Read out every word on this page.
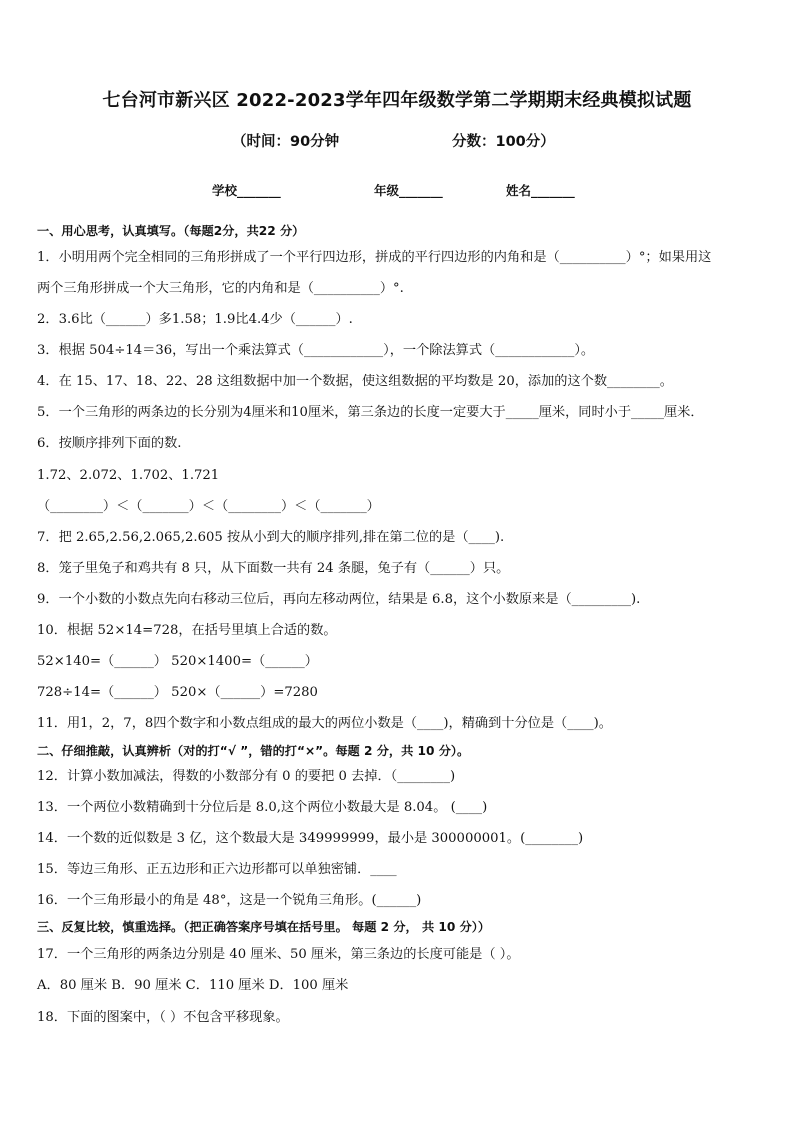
七台河市新兴区 2022-2023学年四年级数学第二学期期末经典模拟试题
（时间：90分钟	分数：100分）
学校_______	年级_______	姓名_______
一、用心思考，认真填写。（每题2分，共22 分）
1．小明用两个完全相同的三角形拼成了一个平行四边形，拼成的平行四边形的内角和是（__________）°；如果用这
两个三角形拼成一个大三角形，它的内角和是（__________）°.
2．3.6比（______）多1.58；1.9比4.4少（______）.
3．根据 504÷14＝36，写出一个乘法算式（____________），一个除法算式（____________）。
4．在 15、17、18、22、28 这组数据中加一个数据，使这组数据的平均数是 20，添加的这个数________。
5．一个三角形的两条边的长分别为4厘米和10厘米，第三条边的长度一定要大于_____厘米，同时小于_____厘米．
6．按顺序排列下面的数.
1.72、2.072、1.702、1.721
（________）＜（_______）＜（________）＜（_______）
7．把 2.65,2.56,2.065,2.605 按从小到大的顺序排列,排在第二位的是（____).
8．笼子里兔子和鸡共有 8 只，从下面数一共有 24 条腿，兔子有（______）只。
9．一个小数的小数点先向右移动三位后，再向左移动两位，结果是 6.8，这个小数原来是（_________).
10．根据 52×14=728，在括号里填上合适的数。
52×140=（______） 520×1400=（______）
728÷14=（______） 520×（______）=7280
11．用1，2，7，8四个数字和小数点组成的最大的两位小数是（____)，精确到十分位是（____)。
二、仔细推敲，认真辨析（对的打“√ ”，错的打“×”。每题 2 分，共 10 分）。
12．计算小数加减法，得数的小数部分有 0 的要把 0 去掉．（________)
13．一个两位小数精确到十分位后是 8.0,这个两位小数最大是 8.04。 (____)
14．一个数的近似数是 3 亿，这个数最大是 349999999，最小是 300000001。(________)
15．等边三角形、正五边形和正六边形都可以单独密铺．____
16．一个三角形最小的角是 48°，这是一个锐角三角形。(______)
三、反复比较，慎重选择。（把正确答案序号填在括号里。 每题 2 分， 共 10 分））
17．一个三角形的两条边分别是 40 厘米、50 厘米，第三条边的长度可能是（ ）。
A．80 厘米 B．90 厘米 C．110 厘米 D．100 厘米
18．下面的图案中，（ ）不包含平移现象。
